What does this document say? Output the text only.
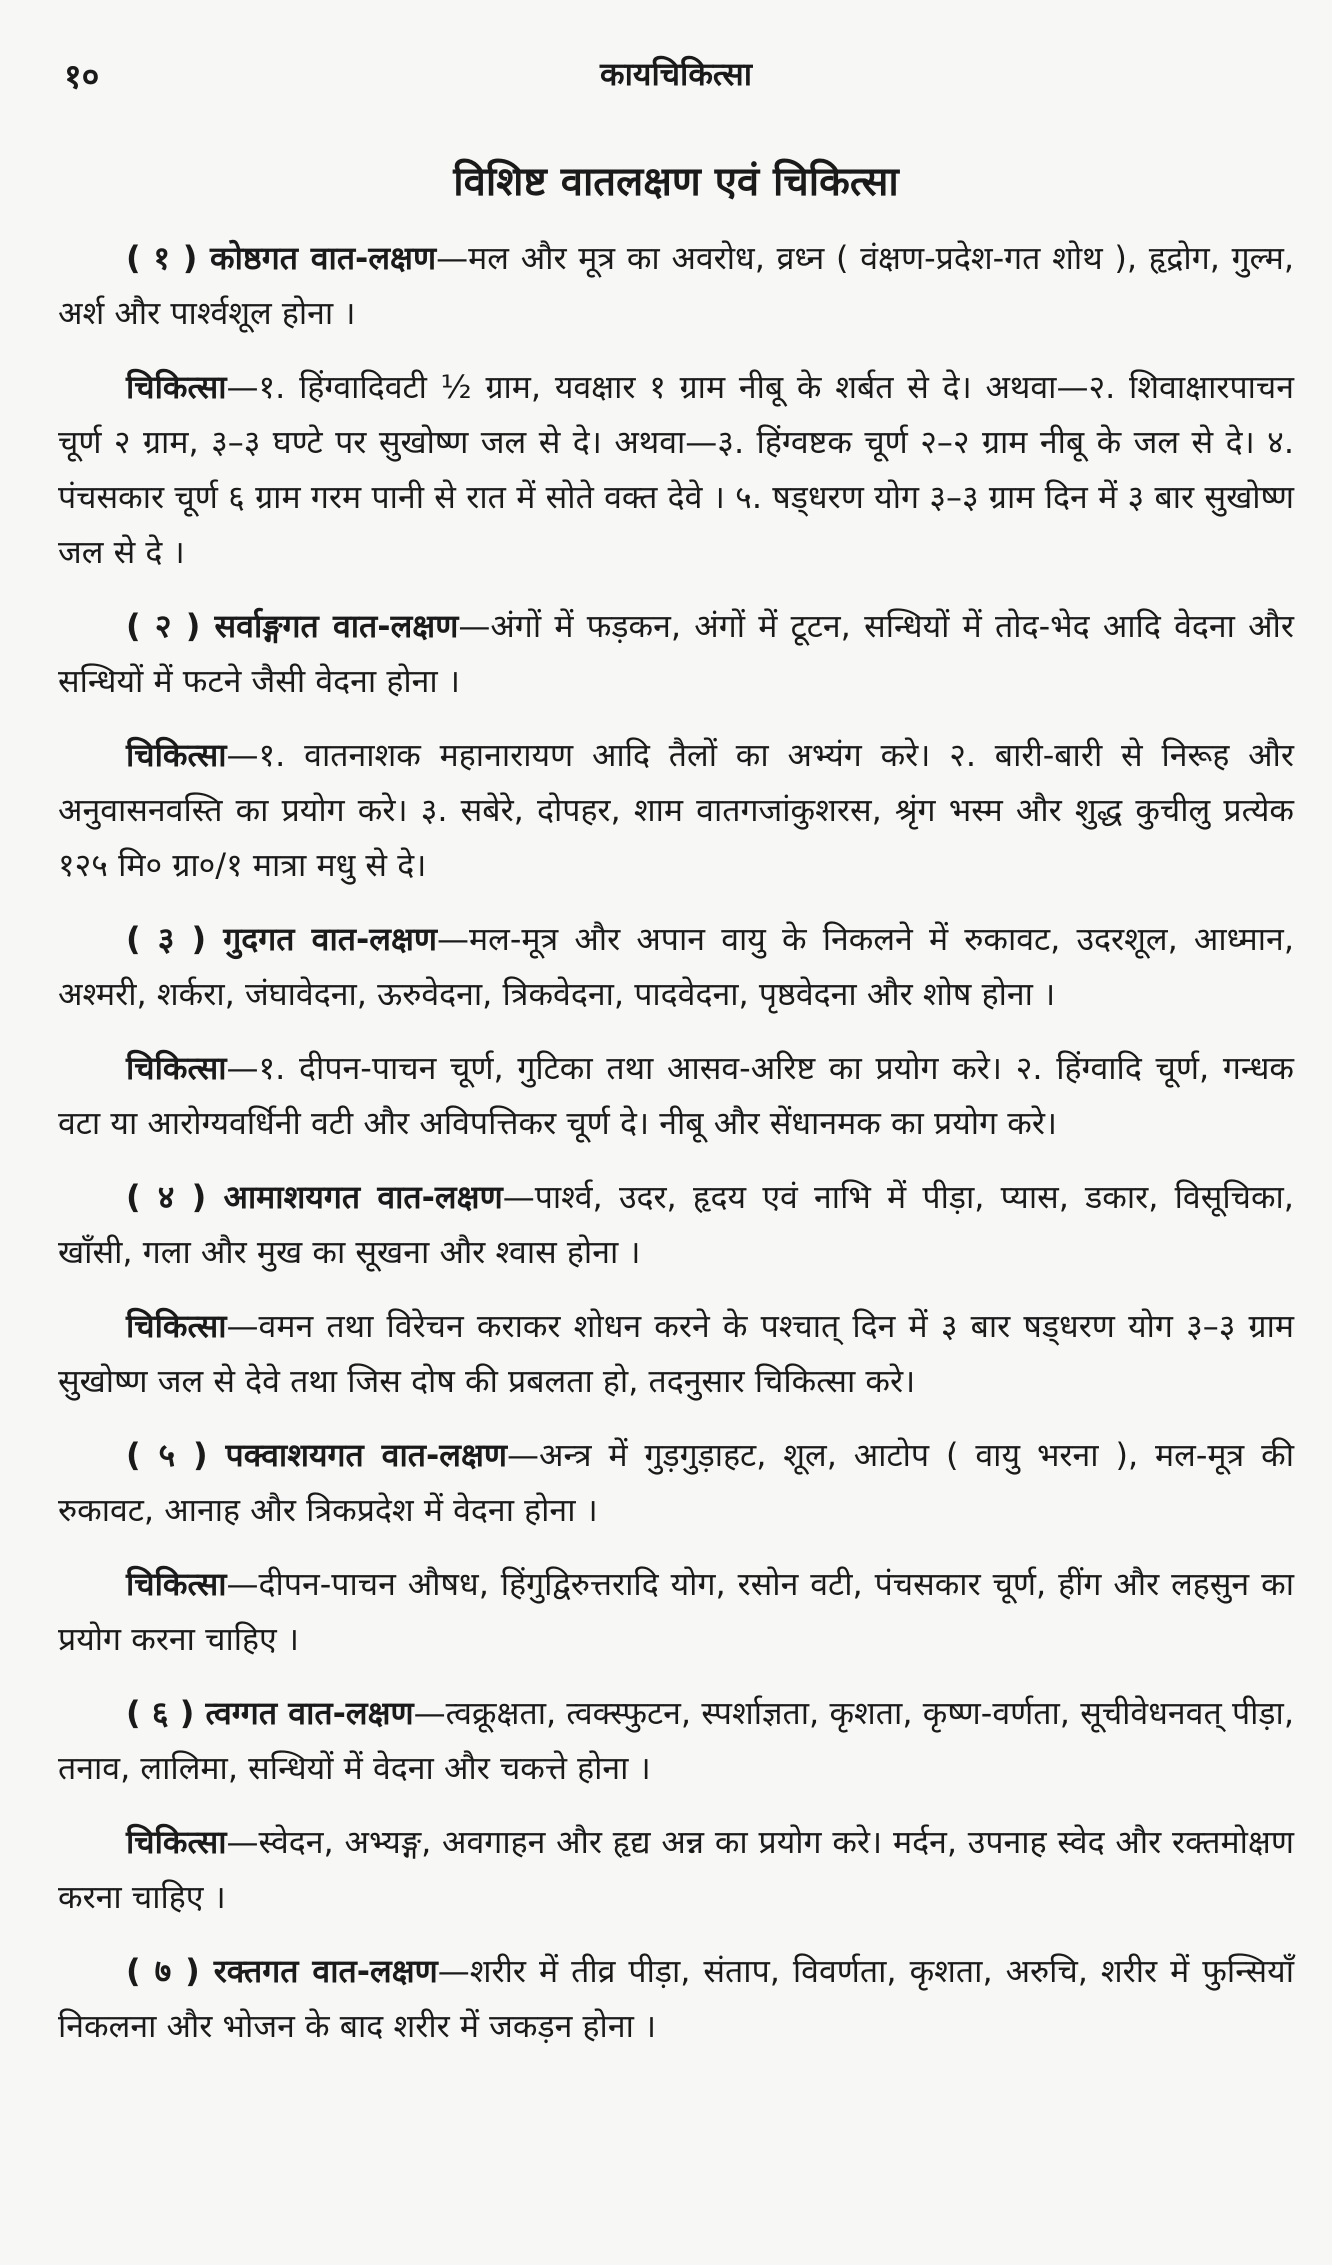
१०	कायचिकित्सा
विशिष्ट वातलक्षण एवं चिकित्सा

( १ ) कोष्ठगत वात-लक्षण—मल और मूत्र का अवरोध, व्रध्न ( वंक्षण-प्रदेश-गत शोथ ), हृद्रोग, गुल्म, अर्श और पार्श्वशूल होना ।

चिकित्सा—१. हिंग्वादिवटी ½ ग्राम, यवक्षार १ ग्राम नीबू के शर्बत से दे। अथवा—२. शिवाक्षारपाचन चूर्ण २ ग्राम, ३–३ घण्टे पर सुखोष्ण जल से दे। अथवा—३. हिंग्वष्टक चूर्ण २–२ ग्राम नीबू के जल से दे। ४. पंचसकार चूर्ण ६ ग्राम गरम पानी से रात में सोते वक्त देवे । ५. षड्धरण योग ३–३ ग्राम दिन में ३ बार सुखोष्ण जल से दे ।

( २ ) सर्वाङ्गगत वात-लक्षण—अंगों में फड़कन, अंगों में टूटन, सन्धियों में तोद-भेद आदि वेदना और सन्धियों में फटने जैसी वेदना होना ।

चिकित्सा—१. वातनाशक महानारायण आदि तैलों का अभ्यंग करे। २. बारी-बारी से निरूह और अनुवासनवस्ति का प्रयोग करे। ३. सबेरे, दोपहर, शाम वातगजांकुशरस, श्रृंग भस्म और शुद्ध कुचीलु प्रत्येक १२५ मि० ग्रा०/१ मात्रा मधु से दे।

( ३ ) गुदगत वात-लक्षण—मल-मूत्र और अपान वायु के निकलने में रुकावट, उदरशूल, आध्मान, अश्मरी, शर्करा, जंघावेदना, ऊरुवेदना, त्रिकवेदना, पादवेदना, पृष्ठवेदना और शोष होना ।

चिकित्सा—१. दीपन-पाचन चूर्ण, गुटिका तथा आसव-अरिष्ट का प्रयोग करे। २. हिंग्वादि चूर्ण, गन्धक वटा या आरोग्यवर्धिनी वटी और अविपत्तिकर चूर्ण दे। नीबू और सेंधानमक का प्रयोग करे।

( ४ ) आमाशयगत वात-लक्षण—पार्श्व, उदर, हृदय एवं नाभि में पीड़ा, प्यास, डकार, विसूचिका, खाँसी, गला और मुख का सूखना और श्वास होना ।

चिकित्सा—वमन तथा विरेचन कराकर शोधन करने के पश्चात् दिन में ३ बार षड्धरण योग ३–३ ग्राम सुखोष्ण जल से देवे तथा जिस दोष की प्रबलता हो, तदनुसार चिकित्सा करे।

( ५ ) पक्वाशयगत वात-लक्षण—अन्त्र में गुड़गुड़ाहट, शूल, आटोप ( वायु भरना ), मल-मूत्र की रुकावट, आनाह और त्रिकप्रदेश में वेदना होना ।

चिकित्सा—दीपन-पाचन औषध, हिंगुद्विरुत्तरादि योग, रसोन वटी, पंचसकार चूर्ण, हींग और लहसुन का प्रयोग करना चाहिए ।

( ६ ) त्वग्गत वात-लक्षण—त्वक्रूक्षता, त्वक्स्फुटन, स्पर्शाज्ञता, कृशता, कृष्ण-वर्णता, सूचीवेधनवत् पीड़ा, तनाव, लालिमा, सन्धियों में वेदना और चकत्ते होना ।

चिकित्सा—स्वेदन, अभ्यङ्ग, अवगाहन और हृद्य अन्न का प्रयोग करे। मर्दन, उपनाह स्वेद और रक्तमोक्षण करना चाहिए ।

( ७ ) रक्तगत वात-लक्षण—शरीर में तीव्र पीड़ा, संताप, विवर्णता, कृशता, अरुचि, शरीर में फुन्सियाँ निकलना और भोजन के बाद शरीर में जकड़न होना ।
